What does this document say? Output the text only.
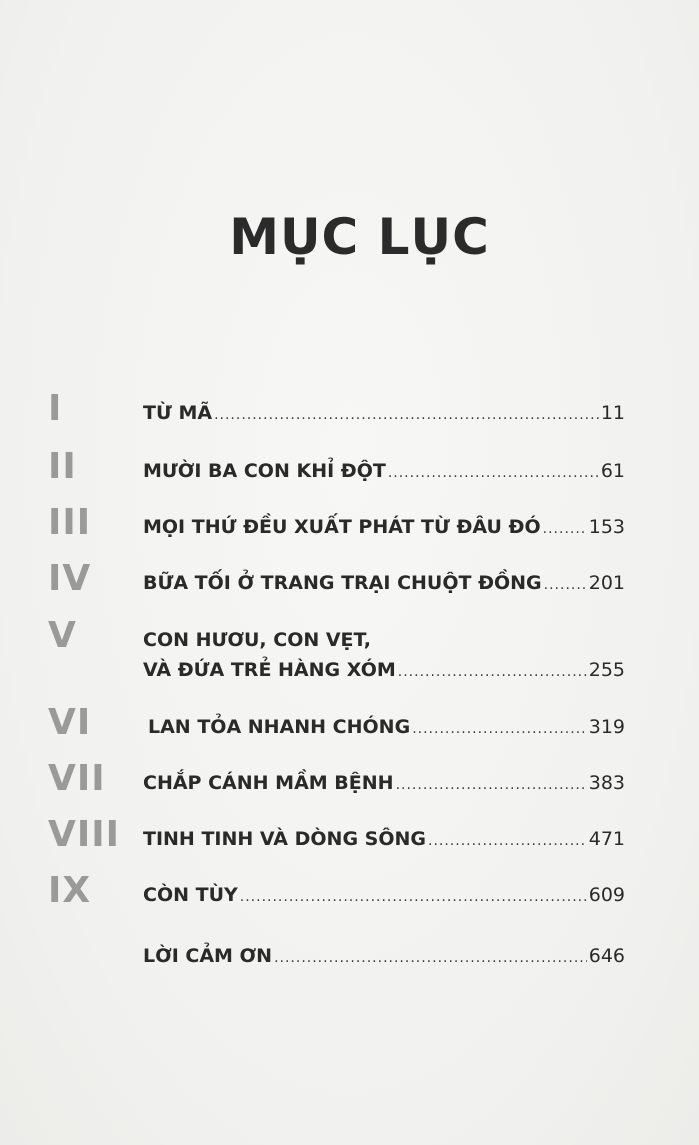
MỤC LỤC
I	TỪ MÃ .....	11
II	MƯỜI BA CON KHỈ ĐỘT .....	61
III	MỌI THỨ ĐỀU XUẤT PHÁT TỪ ĐÂU ĐÓ .....	153
IV	BỮA TỐI Ở TRANG TRẠI CHUỘT ĐỒNG ..... 201
V	CON HƯƠU, CON VẸT,
VÀ ĐỨA TRẺ HÀNG XÓM .....	255
VI	LAN TỎA NHANH CHÓNG .....	319
VII CHẮP CÁNH MẦM BỆNH .....	383
VIII TINH TINH VÀ DÒNG SÔNG .....	471
IX	CÒN TÙY .....	609
LỜI CẢM ƠN .....	646
